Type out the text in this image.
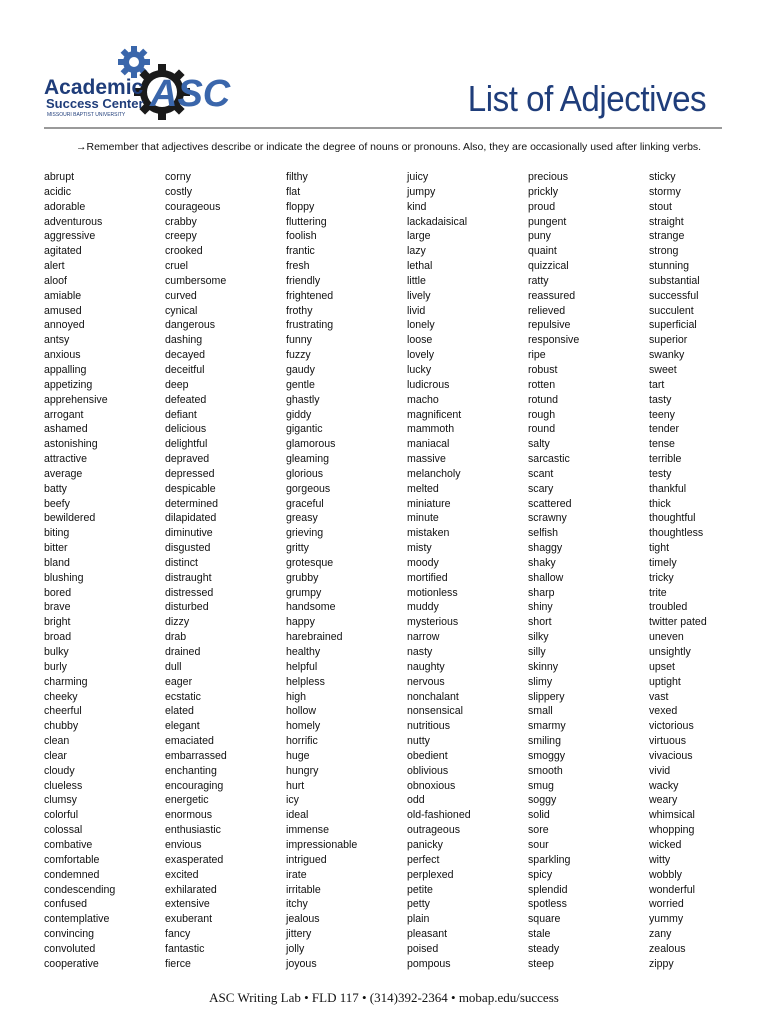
Academic
Success Center
MISSOURI BAPTIST UNIVERSITY ASC	List of Adjectives
→Remember that adjectives describe or indicate the degree of nouns or pronouns. Also, they are occasionally used after linking verbs.
abrupt
acidic
adorable
adventurous
aggressive
agitated
alert
aloof
amiable
amused
annoyed
antsy
anxious
appalling
appetizing
apprehensive
arrogant
ashamed
astonishing
attractive
average
batty
beefy
bewildered
biting
bitter
bland
blushing
bored
brave
bright
broad
bulky
burly
charming
cheeky
cheerful
chubby
clean
clear
cloudy
clueless
clumsy
colorful
colossal
combative
comfortable
condemned
condescending
confused
contemplative
convincing
convoluted
cooperative
corny
costly
courageous
crabby
creepy
crooked
cruel
cumbersome
curved
cynical
dangerous
dashing
decayed
deceitful
deep
defeated
defiant
delicious
delightful
depraved
depressed
despicable
determined
dilapidated
diminutive
disgusted
distinct
distraught
distressed
disturbed
dizzy
drab
drained
dull
eager
ecstatic
elated
elegant
emaciated
embarrassed
enchanting
encouraging
energetic
enormous
enthusiastic
envious
exasperated
excited
exhilarated
extensive
exuberant
fancy
fantastic
fierce
filthy
flat
floppy
fluttering
foolish
frantic
fresh
friendly
frightened
frothy
frustrating
funny
fuzzy
gaudy
gentle
ghastly
giddy
gigantic
glamorous
gleaming
glorious
gorgeous
graceful
greasy
grieving
gritty
grotesque
grubby
grumpy
handsome
happy
harebrained
healthy
helpful
helpless
high
hollow
homely
horrific
huge
hungry
hurt
icy
ideal
immense
impressionable
intrigued
irate
irritable
itchy
jealous
jittery
jolly
joyous
juicy
jumpy
kind
lackadaisical
large
lazy
lethal
little
lively
livid
lonely
loose
lovely
lucky
ludicrous
macho
magnificent
mammoth
maniacal
massive
melancholy
melted
miniature
minute
mistaken
misty
moody
mortified
motionless
muddy
mysterious
narrow
nasty
naughty
nervous
nonchalant
nonsensical
nutritious
nutty
obedient
oblivious
obnoxious
odd
old-fashioned
outrageous
panicky
perfect
perplexed
petite
petty
plain
pleasant
poised
pompous
precious
prickly
proud
pungent
puny
quaint
quizzical
ratty
reassured
relieved
repulsive
responsive
ripe
robust
rotten
rotund
rough
round
salty
sarcastic
scant
scary
scattered
scrawny
selfish
shaggy
shaky
shallow
sharp
shiny
short
silky
silly
skinny
slimy
slippery
small
smarmy
smiling
smoggy
smooth
smug
soggy
solid
sore
sour
sparkling
spicy
splendid
spotless
square
stale
steady
steep
sticky
stormy
stout
straight
strange
strong
stunning
substantial
successful
succulent
superficial
superior
swanky
sweet
tart
tasty
teeny
tender
tense
terrible
testy
thankful
thick
thoughtful
thoughtless
tight
timely
tricky
trite
troubled
twitter pated
uneven
unsightly
upset
uptight
vast
vexed
victorious
virtuous
vivacious
vivid
wacky
weary
whimsical
whopping
wicked
witty
wobbly
wonderful
worried
yummy
zany
zealous
zippy
ASC Writing Lab • FLD 117 • (314)392-2364 • mobap.edu/success
